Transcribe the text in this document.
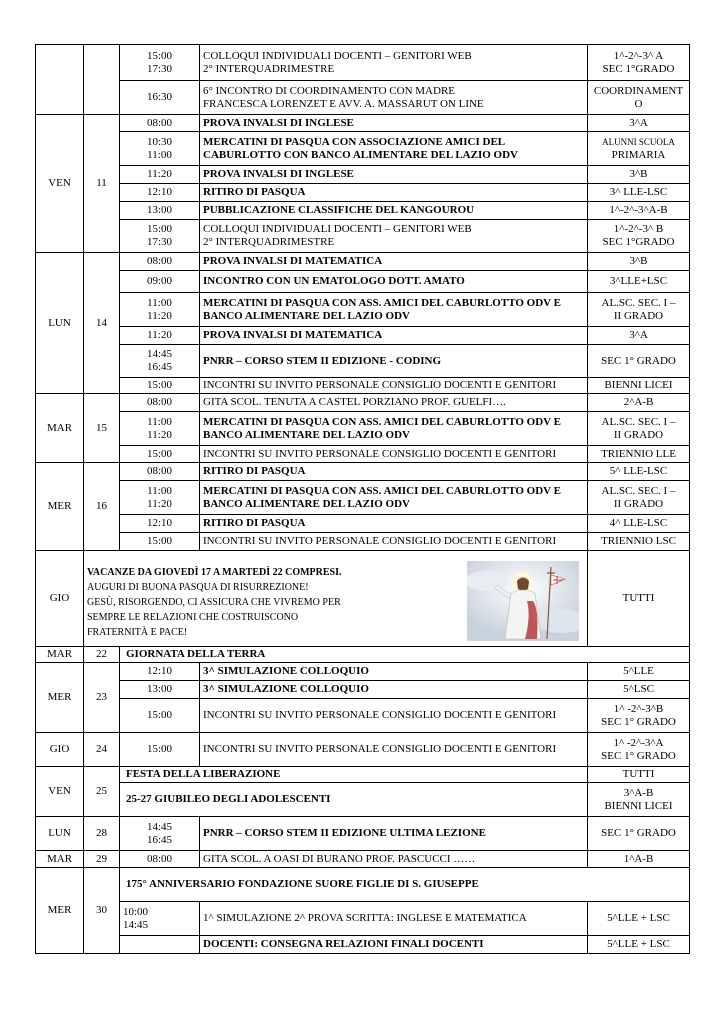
		15:00
17:30	COLLOQUI INDIVIDUALI DOCENTI – GENITORI WEB
2° INTERQUADRIMESTRE	1^-2^-3^ A
SEC 1°GRADO

		16:30	6° INCONTRO DI COORDINAMENTO CON MADRE
FRANCESCA LORENZET E AVV. A. MASSARUT ON LINE	COORDINAMENT
O

VEN	11	08:00	PROVA INVALSI DI INGLESE	3^A

		10:30
11:00	MERCATINI DI PASQUA CON ASSOCIAZIONE AMICI DEL
CABURLOTTO CON BANCO ALIMENTARE DEL LAZIO ODV	ALUNNI SCUOLA
PRIMARIA

		11:20	PROVA INVALSI DI INGLESE	3^B
		12:10	RITIRO DI PASQUA	3^ LLE-LSC
		13:00	PUBBLICAZIONE CLASSIFICHE DEL KANGOUROU	1^-2^-3^A-B

		15:00
17:30	COLLOQUI INDIVIDUALI DOCENTI – GENITORI WEB
2° INTERQUADRIMESTRE	1^-2^-3^ B
SEC 1°GRADO

LUN	14	08:00	PROVA INVALSI DI MATEMATICA	3^B
		09:00	INCONTRO CON UN EMATOLOGO DOTT. AMATO	3^LLE+LSC

		11:00
11:20	MERCATINI DI PASQUA CON ASS. AMICI DEL CABURLOTTO ODV E
BANCO ALIMENTARE DEL LAZIO ODV	AL.SC. SEC. I –
II GRADO

		11:20	PROVA INVALSI DI MATEMATICA	3^A

		14:45
16:45	PNRR – CORSO STEM II EDIZIONE - CODING	SEC 1° GRADO
		15:00	INCONTRI SU INVITO PERSONALE CONSIGLIO DOCENTI E GENITORI	BIENNI LICEI
MAR	15	08:00	GITA SCOL. TENUTA A CASTEL PORZIANO PROF. GUELFI….	2^A-B

		11:00
11:20	MERCATINI DI PASQUA CON ASS. AMICI DEL CABURLOTTO ODV E
BANCO ALIMENTARE DEL LAZIO ODV	AL.SC. SEC. I –
II GRADO

		15:00	INCONTRI SU INVITO PERSONALE CONSIGLIO DOCENTI E GENITORI	TRIENNIO LLE
MER	16	08:00	RITIRO DI PASQUA	5^ LLE-LSC

		11:00
11:20	MERCATINI DI PASQUA CON ASS. AMICI DEL CABURLOTTO ODV E
BANCO ALIMENTARE DEL LAZIO ODV	AL.SC. SEC. I –
II GRADO

		12:10	RITIRO DI PASQUA	4^ LLE-LSC
		15:00	INCONTRI SU INVITO PERSONALE CONSIGLIO DOCENTI E GENITORI	TRIENNIO LSC
GIO	VACANZE DA GIOVEDÌ 17 A MARTEDÌ 22 COMPRESI.
AUGURI DI BUONA PASQUA DI RISURREZIONE!
GESÙ, RISORGENDO, CI ASSICURA CHE VIVREMO PER
SEMPRE LE RELAZIONI CHE COSTRUISCONO
FRATERNITÀ E PACE!			TUTTI
MAR	22	GIORNATA DELLA TERRA		
MER	23	12:10	3^ SIMULAZIONE COLLOQUIO	5^LLE
		13:00	3^ SIMULAZIONE COLLOQUIO	5^LSC
		15:00	INCONTRI SU INVITO PERSONALE CONSIGLIO DOCENTI E GENITORI	1^ -2^-3^B
SEC 1° GRADO

GIO	24	15:00	INCONTRI SU INVITO PERSONALE CONSIGLIO DOCENTI E GENITORI	1^ -2^-3^A
SEC 1° GRADO

VEN	25	FESTA DELLA LIBERAZIONE		TUTTI
		25-27 GIUBILEO DEGLI ADOLESCENTI		3^A-B
BIENNI LICEI

LUN	28	14:45
16:45	PNRR – CORSO STEM II EDIZIONE ULTIMA LEZIONE	SEC 1° GRADO
MAR	29	08:00	GITA SCOL. A OASI DI BURANO PROF. PASCUCCI ……	1^A-B
MER	30	175° ANNIVERSARIO FONDAZIONE SUORE FIGLIE DI S. GIUSEPPE		

		10:00
14:45	1^ SIMULAZIONE 2^ PROVA SCRITTA: INGLESE E MATEMATICA	5^LLE + LSC
			DOCENTI: CONSEGNA RELAZIONI FINALI DOCENTI	5^LLE + LSC
